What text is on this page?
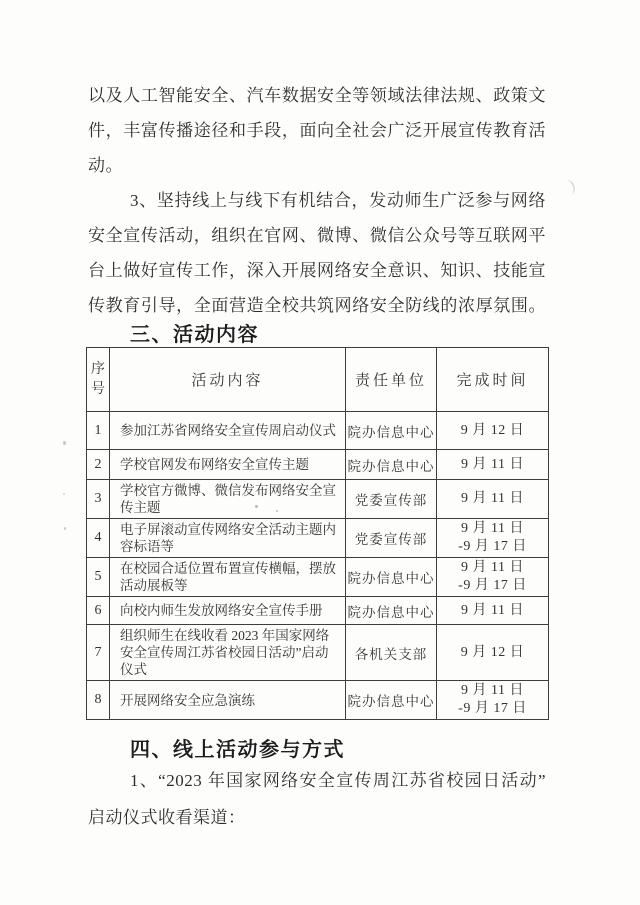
以及人工智能安全、汽车数据安全等领域法律法规、政策文
件，丰富传播途径和手段，面向全社会广泛开展宣传教育活
动。
3、坚持线上与线下有机结合，发动师生广泛参与网络
安全宣传活动，组织在官网、微博、微信公众号等互联网平
台上做好宣传工作，深入开展网络安全意识、知识、技能宣
传教育引导，全面营造全校共筑网络安全防线的浓厚氛围。
三、活动内容
序号	活动内容	责任单位	完成时间
1	参加江苏省网络安全宣传周启动仪式	院办信息中心	9 月 12 日

2	学校官网发布网络安全宣传主题	院办信息中心	9 月 11 日

3	学校官方微博、微信发布网络安全宣传主题	党委宣传部	9 月 11 日

4	电子屏滚动宣传网络安全活动主题内容标语等	党委宣传部	9 月 11 日
-9 月 17 日

5	在校园合适位置布置宣传横幅，摆放活动展板等	院办信息中心	9 月 11 日
-9 月 17 日

6	向校内师生发放网络安全宣传手册	院办信息中心	9 月 11 日

7	组织师生在线收看 2023 年国家网络安全宣传周江苏省校园日活动”启动仪式	各机关支部	9 月 12 日

8	开展网络安全应急演练	院办信息中心	9 月 11 日
-9 月 17 日
四、线上活动参与方式
1、“2023 年国家网络安全宣传周江苏省校园日活动”
启动仪式收看渠道：
